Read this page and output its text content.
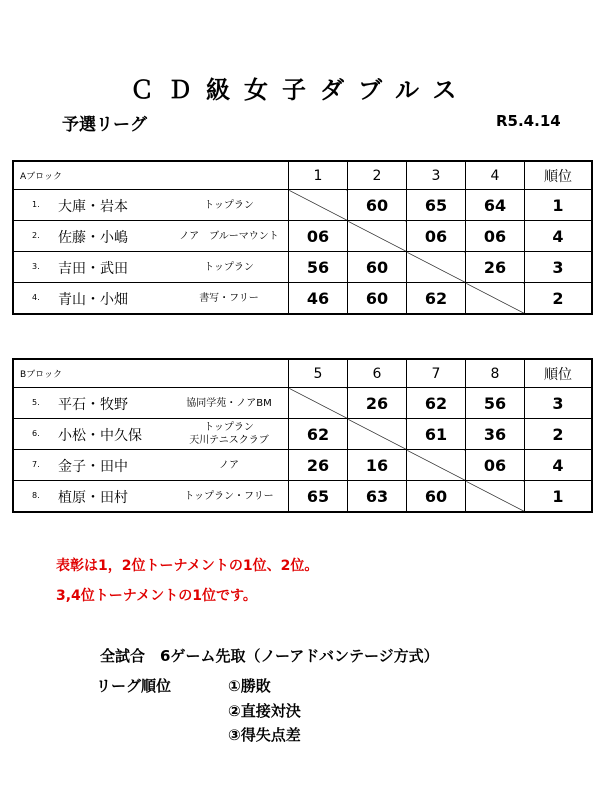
ＣＤ級女子ダブルス
予選リーグ	R5.4.14
Aブロック	1	2	3	4	順位

1. 大庫・岩本 トップラン		60	65	64	1

2. 佐藤・小嶋 ノア　ブルーマウント	06		06	06	4

3. 吉田・武田 トップラン	56	60		26	3

4. 青山・小畑 書写・フリー	46	60	62		2
Bブロック	5	6	7	8	順位

5. 平石・牧野 協同学苑・ノアBM		26	62	56	3

6. 小松・中久保
トップラン
天川テニスクラブ	62		61	36	2

7. 金子・田中 ノア	26	16		06	4

8. 植原・田村 トップラン・フリー	65	63	60		1
表彰は1，2位トーナメントの1位、2位。
3,4位トーナメントの1位です。
全試合　6ゲーム先取（ノーアドバンテージ方式）
リーグ順位	①勝敗
②直接対決
③得失点差
